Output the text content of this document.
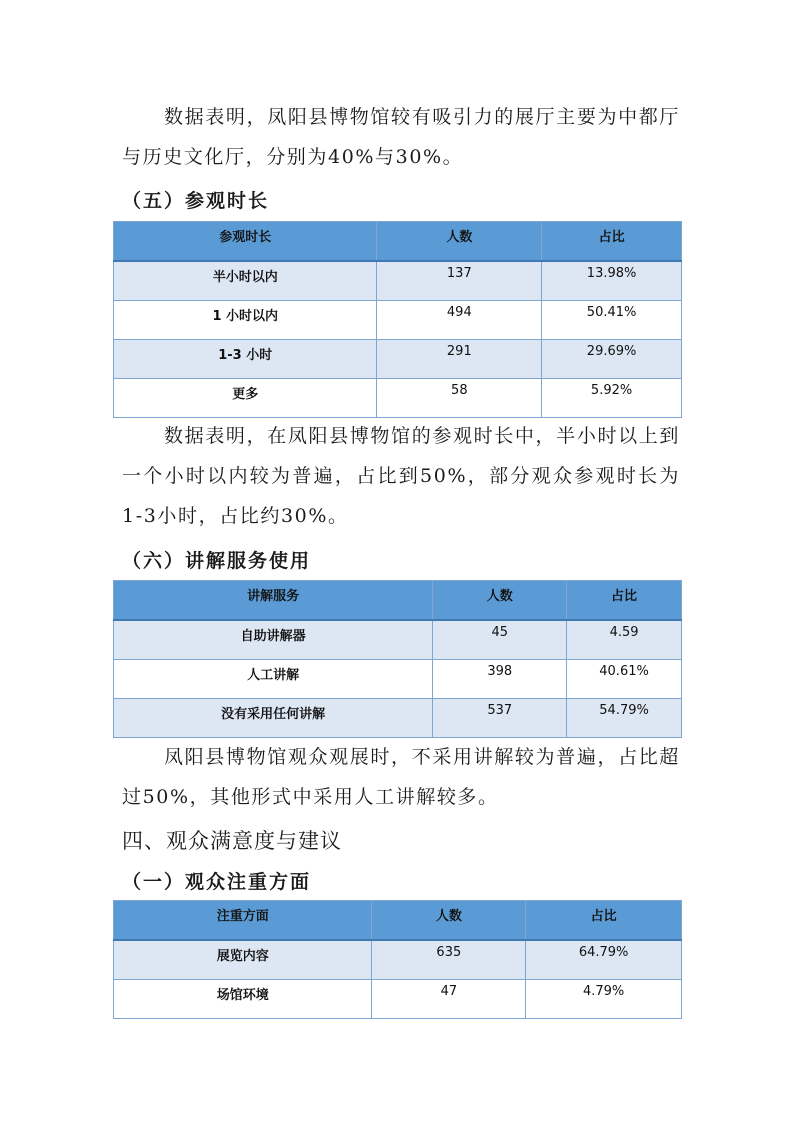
数据表明，凤阳县博物馆较有吸引力的展厅主要为中都厅与历史文化厅，分别为40%与30%。

（五）参观时长
参观时长	人数	占比
半小时以内	137	13.98%
1 小时以内	494	50.41%
1-3 小时	291	29.69%
更多	58	5.92%

数据表明，在凤阳县博物馆的参观时长中，半小时以上到一个小时以内较为普遍，占比到50%，部分观众参观时长为1-3小时，占比约30%。

（六）讲解服务使用
讲解服务	人数	占比
自助讲解器	45	4.59
人工讲解	398	40.61%
没有采用任何讲解	537	54.79%

凤阳县博物馆观众观展时，不采用讲解较为普遍，占比超过50%，其他形式中采用人工讲解较多。

四、观众满意度与建议
（一）观众注重方面
注重方面	人数	占比
展览内容	635	64.79%
场馆环境	47	4.79%
